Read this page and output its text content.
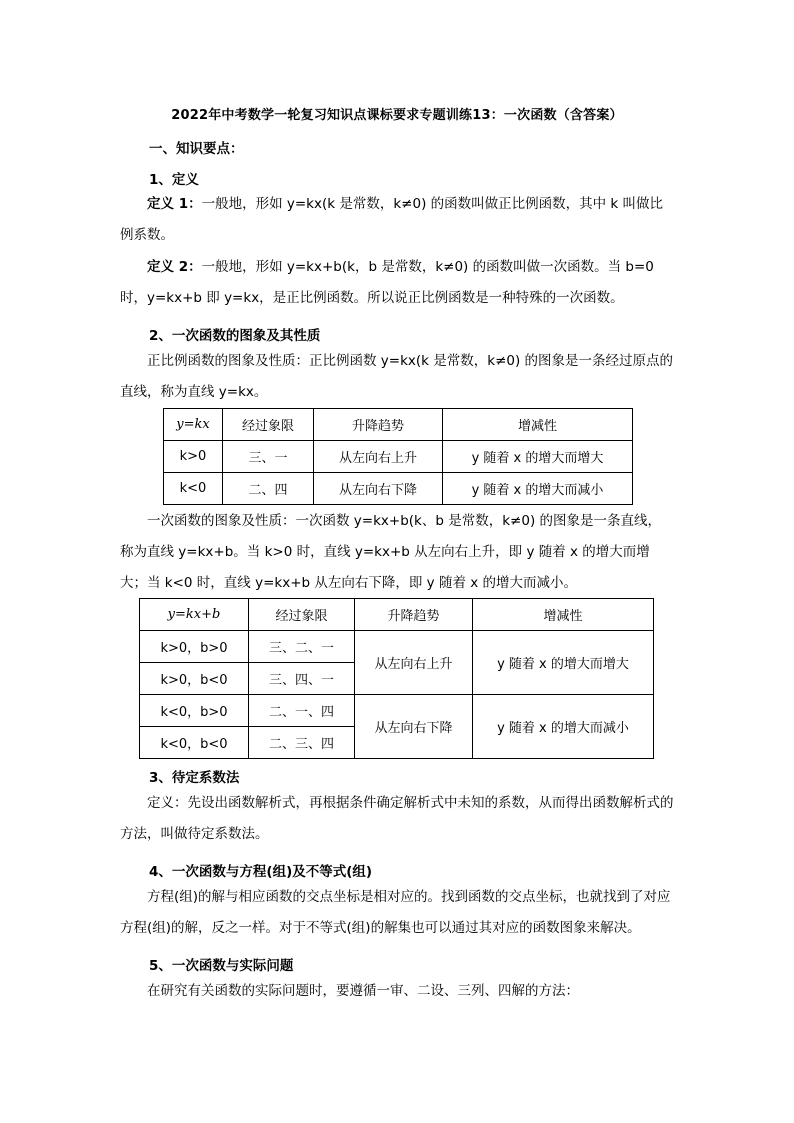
2022年中考数学一轮复习知识点课标要求专题训练13：一次函数（含答案）
一、知识要点：
1、定义
定义 1：一般地，形如 y=kx(k 是常数，k≠0) 的函数叫做正比例函数，其中 k 叫做比例系数。
定义 2：一般地，形如 y=kx+b(k，b 是常数，k≠0) 的函数叫做一次函数。当 b=0 时，y=kx+b 即 y=kx，是正比例函数。所以说正比例函数是一种特殊的一次函数。
2、一次函数的图象及其性质
正比例函数的图象及性质：正比例函数 y=kx(k 是常数，k≠0) 的图象是一条经过原点的直线，称为直线 y=kx。
y=kx	经过象限	升降趋势	增减性
k>0	三、一	从左向右上升	y 随着 x 的增大而增大
k<0	二、四	从左向右下降	y 随着 x 的增大而减小
一次函数的图象及性质：一次函数 y=kx+b(k、b 是常数，k≠0) 的图象是一条直线，称为直线 y=kx+b。当 k>0 时，直线 y=kx+b 从左向右上升，即 y 随着 x 的增大而增大；当 k<0 时，直线 y=kx+b 从左向右下降，即 y 随着 x 的增大而减小。
y=kx+b	经过象限	升降趋势	增减性
k>0，b>0	三、二、一	从左向右上升	y 随着 x 的增大而增大
k>0，b<0	三、四、一		
k<0，b>0	二、一、四	从左向右下降	y 随着 x 的增大而减小
k<0，b<0	二、三、四		
3、待定系数法
定义：先设出函数解析式，再根据条件确定解析式中未知的系数，从而得出函数解析式的方法，叫做待定系数法。
4、一次函数与方程(组)及不等式(组)
方程(组)的解与相应函数的交点坐标是相对应的。找到函数的交点坐标，也就找到了对应方程(组)的解，反之一样。对于不等式(组)的解集也可以通过其对应的函数图象来解决。
5、一次函数与实际问题
在研究有关函数的实际问题时，要遵循一审、二设、三列、四解的方法：
